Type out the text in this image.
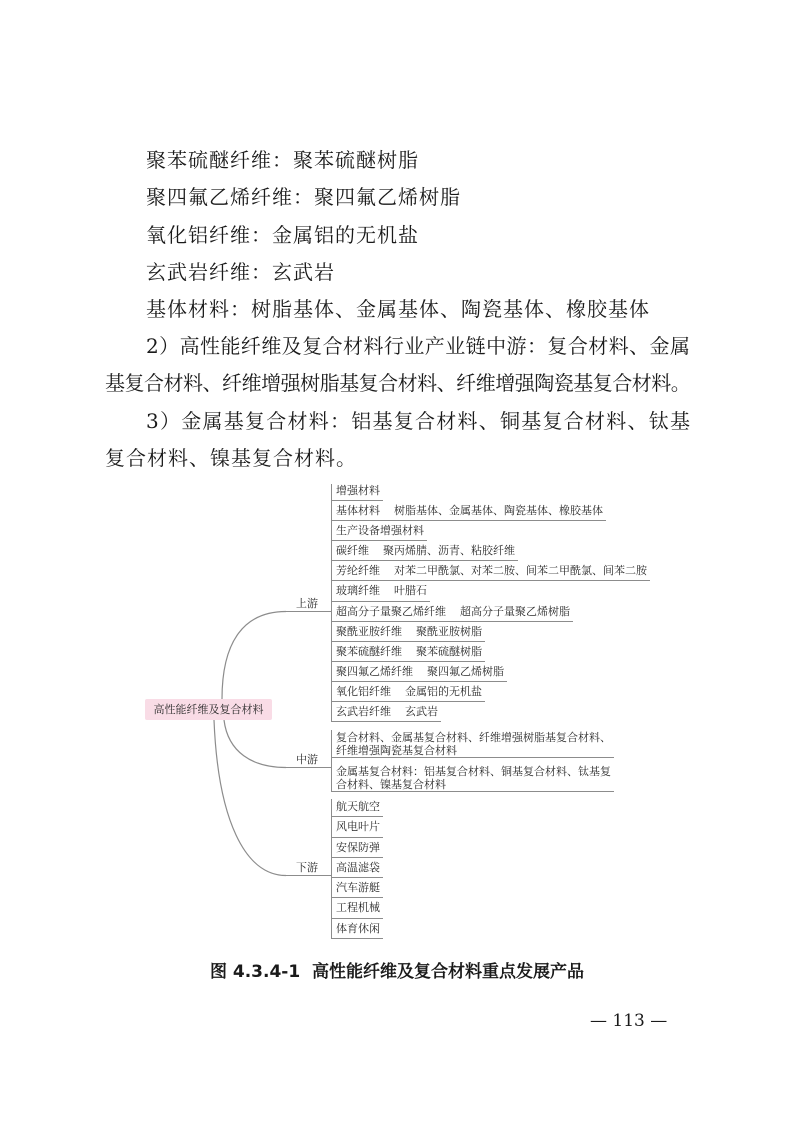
聚苯硫醚纤维：聚苯硫醚树脂
聚四氟乙烯纤维：聚四氟乙烯树脂
氧化铝纤维：金属铝的无机盐
玄武岩纤维：玄武岩
基体材料：树脂基体、金属基体、陶瓷基体、橡胶基体
2）高性能纤维及复合材料行业产业链中游：复合材料、金属
基复合材料、纤维增强树脂基复合材料、纤维增强陶瓷基复合材料。
3）金属基复合材料：铝基复合材料、铜基复合材料、钛基
复合材料、镍基复合材料。
高性能纤维及复合材料
上游
增强材料
基体材料 树脂基体、金属基体、陶瓷基体、橡胶基体
生产设备增强材料
碳纤维 聚丙烯腈、沥青、粘胶纤维
芳纶纤维 对苯二甲酰氯、对苯二胺、间苯二甲酰氯、间苯二胺
玻璃纤维 叶腊石
超高分子量聚乙烯纤维 超高分子量聚乙烯树脂
聚酰亚胺纤维 聚酰亚胺树脂
聚苯硫醚纤维 聚苯硫醚树脂
聚四氟乙烯纤维 聚四氟乙烯树脂
氧化铝纤维 金属铝的无机盐
玄武岩纤维 玄武岩
中游
复合材料、金属基复合材料、纤维增强树脂基复合材料、
纤维增强陶瓷基复合材料
金属基复合材料：铝基复合材料、铜基复合材料、钛基复
合材料、镍基复合材料
下游
航天航空
风电叶片
安保防弹
高温滤袋
汽车游艇
工程机械
体育休闲
图 4.3.4-1  高性能纤维及复合材料重点发展产品
— 113 —
